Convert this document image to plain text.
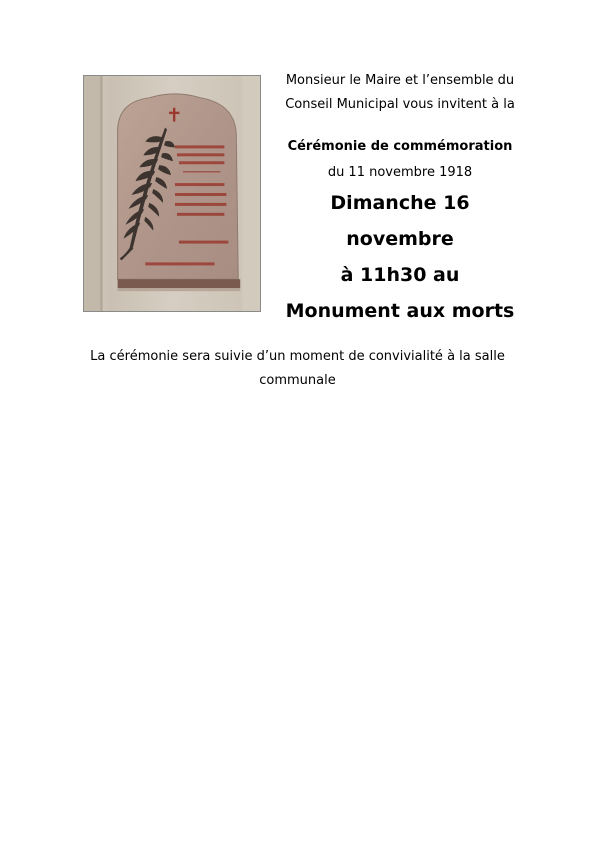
Monsieur le Maire et l’ensemble du
Conseil Municipal vous invitent à la
Cérémonie de commémoration
du 11 novembre 1918
Dimanche 16
novembre
à 11h30 au
Monument aux morts
La cérémonie sera suivie d’un moment de convivialité à la salle
communale
